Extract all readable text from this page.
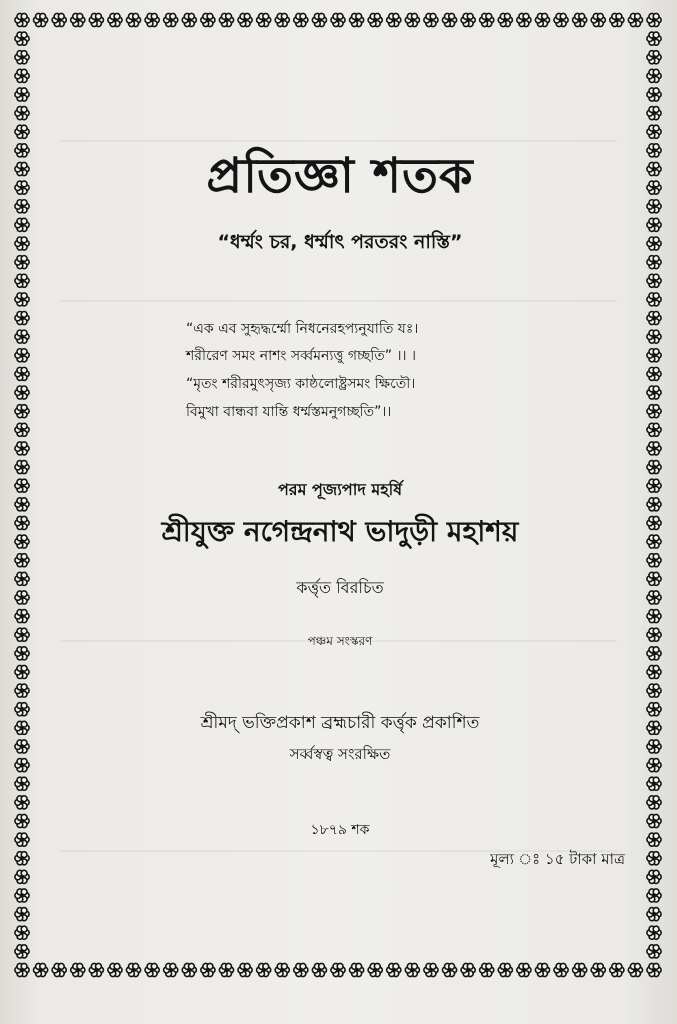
প্রতিজ্ঞা শতক
“ধর্ম্মং চর, ধর্ম্মাৎ পরতরং নাস্তি”
“এক এব সুহৃদ্ধর্ম্মো নিধনেরহপ্যনুযাতি যঃ।
শরীরেণ সমং নাশং সর্ব্বমন্যত্তু গচ্ছতি” ।। ।
“মৃতং শরীরমুৎসৃজ্য কাষ্ঠলোষ্ট্রসমং ক্ষিতৌ।
বিমুখা বান্ধবা যান্তি ধর্ম্মস্তমনুগচ্ছতি”।।
পরম পূজ্যপাদ মহর্ষি
শ্রীযুক্ত নগেন্দ্রনাথ ভাদুড়ী মহাশয়
কর্ত্তৃত বিরচিত
পঞ্চম সংস্করণ
শ্রীমদ্ ভক্তিপ্রকাশ ব্রহ্মচারী কর্ত্তৃক প্রকাশিত
সর্ব্বস্বত্ব সংরক্ষিত
১৮৭৯ শক
মূল্য ঃ ১৫ টাকা মাত্র
